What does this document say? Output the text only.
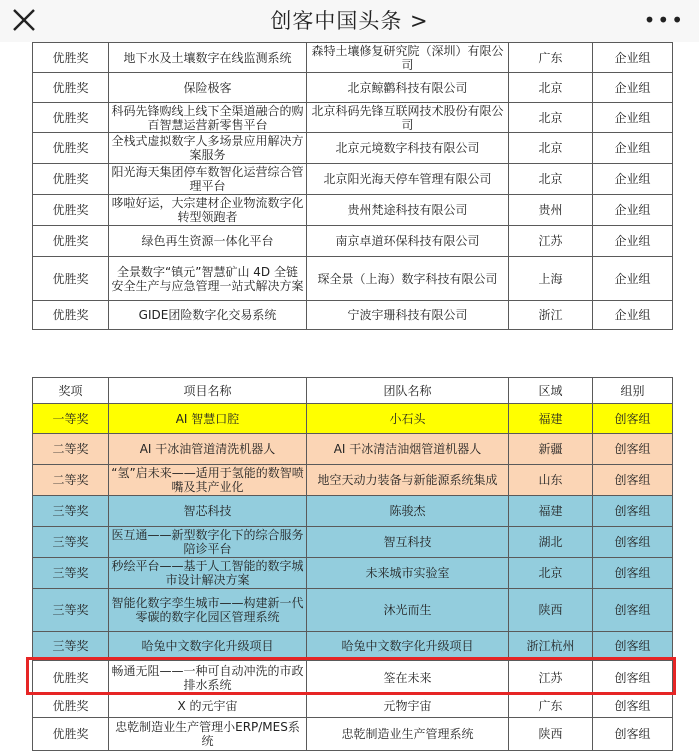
创客中国头条 >	•••
优胜奖	地下水及土壤数字在线监测系统	森特土壤修复研究院（深圳）有限公司	广东	企业组
优胜奖	保险极客	北京鲸鹳科技有限公司	北京	企业组
优胜奖	科码先锋购线上线下全渠道融合的购百智慧运营新零售平台	北京科码先锋互联网技术股份有限公司	北京	企业组
优胜奖	全栈式虚拟数字人多场景应用解决方案服务	北京元境数字科技有限公司	北京	企业组
优胜奖	阳光海天集团停车数智化运营综合管理平台	北京阳光海天停车管理有限公司	北京	企业组
优胜奖	哆啦好运，大宗建材企业物流数字化转型领跑者	贵州梵途科技有限公司	贵州	企业组
优胜奖	绿色再生资源一体化平台	南京卓道环保科技有限公司	江苏	企业组
优胜奖	全景数字“镇元”智慧矿山 4D 全链 安全生产与应急管理一站式解决方案	琛全景（上海）数字科技有限公司	上海	企业组
优胜奖	GIDE团险数字化交易系统	宁波宇珊科技有限公司	浙江	企业组
奖项	项目名称	团队名称	区域	组别
一等奖	AI 智慧口腔	小石头	福建	创客组
二等奖	AI 干冰油管道清洗机器人	AI 干冰清洁油烟管道机器人	新疆	创客组
二等奖	“氢”启未来——适用于氢能的数智喷嘴及其产业化	地空天动力装备与新能源系统集成	山东	创客组
三等奖	智芯科技	陈骏杰	福建	创客组
三等奖	医互通——新型数字化下的综合服务陪诊平台	智互科技	湖北	创客组
三等奖	秒绘平台——基于人工智能的数字城市设计解决方案	未来城市实验室	北京	创客组
三等奖	智能化数字孪生城市——构建新一代零碳的数字化园区管理系统	沐光而生	陕西	创客组
三等奖	哈兔中文数字化升级项目	哈兔中文数字化升级项目	浙江杭州	创客组
优胜奖	畅通无阻——一种可自动冲洗的市政排水系统	筌在未来	江苏	创客组
优胜奖	X 的元宇宙	元物宇宙	广东	创客组
优胜奖	忠乾制造业生产管理小ERP/MES系统	忠乾制造业生产管理系统	陕西	创客组
